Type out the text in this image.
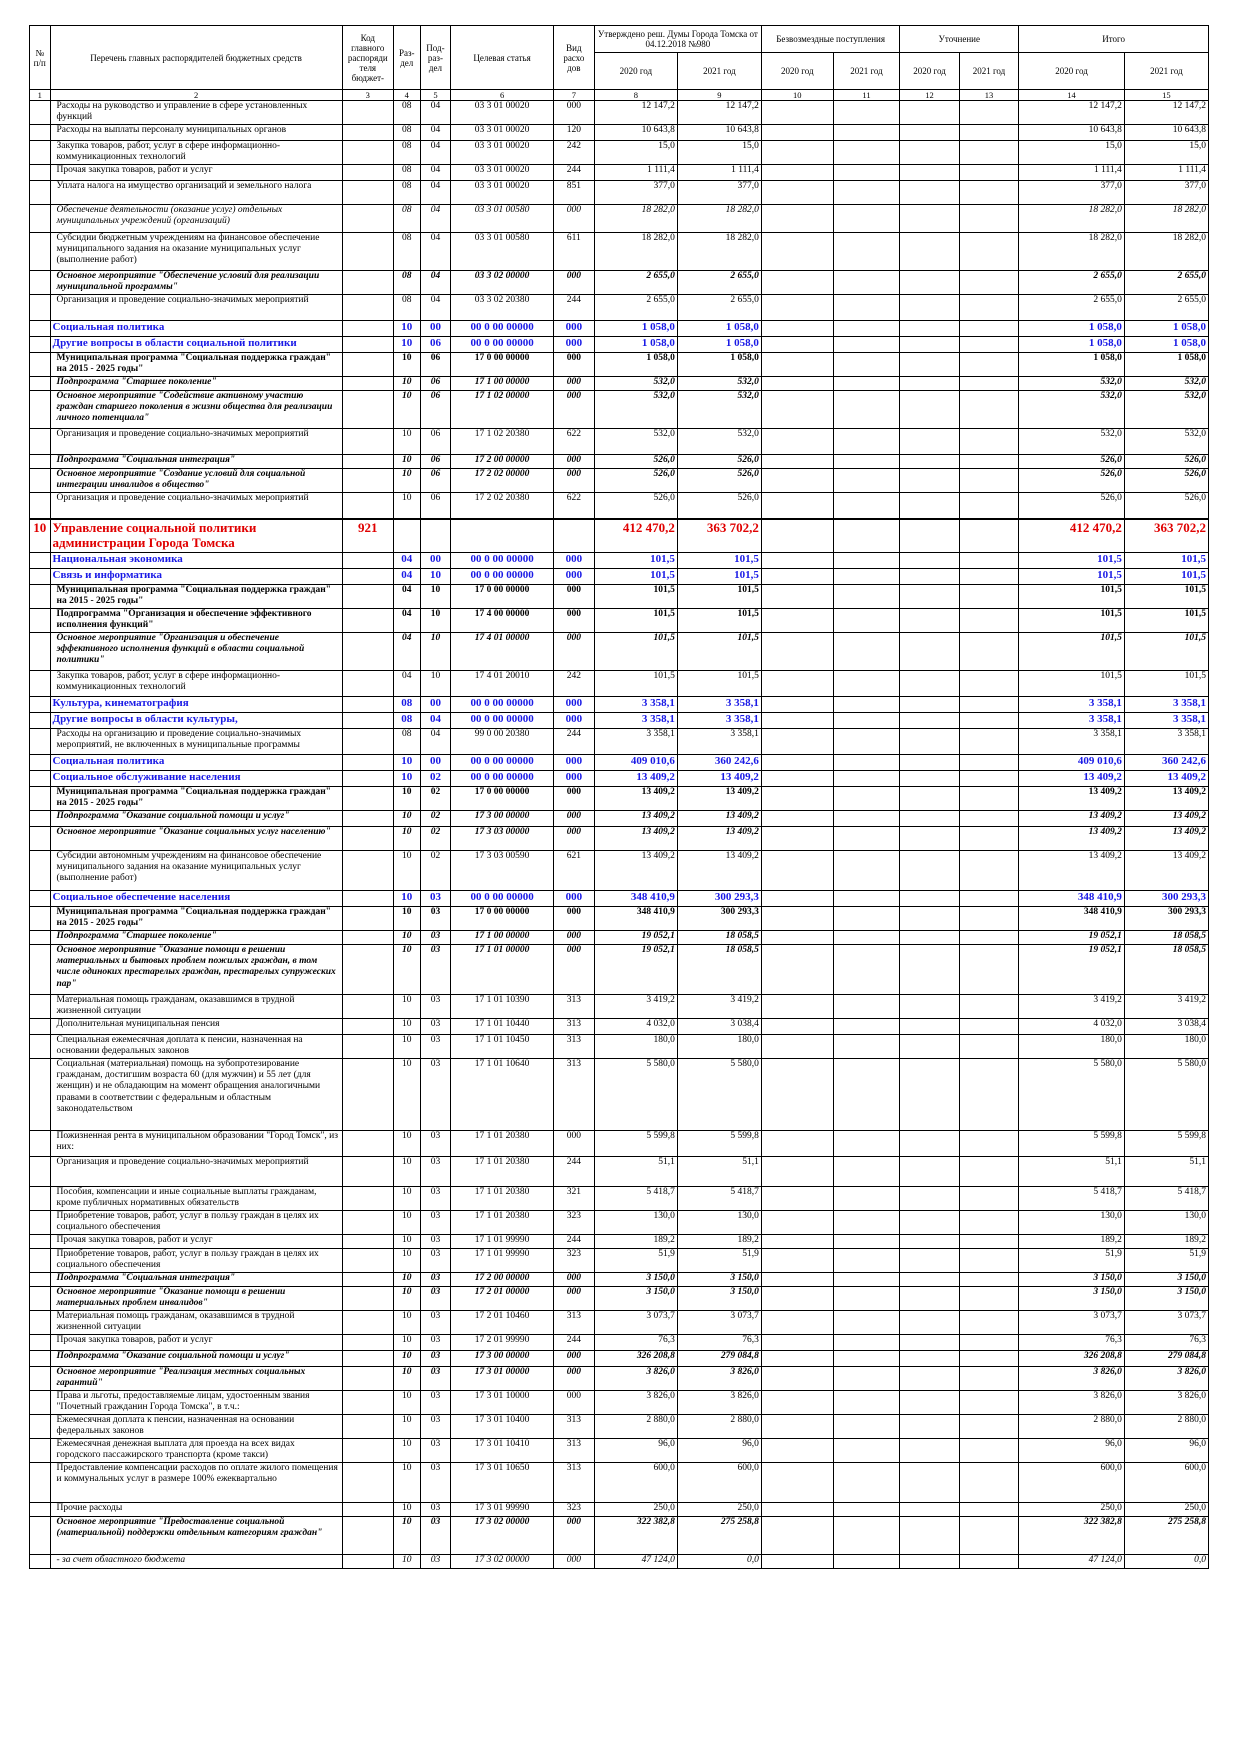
№ п/п	Перечень главных распорядителей бюджетных средств	Код главного распоряди теля бюджет-	Раз- дел	Под- раз- дел	Целевая статья	Вид расхо дов	Утверждено реш. Думы Города Томска от 04.12.2018 №980		Безвозмездные поступления		Уточнение		Итого	
							2020 год	2021 год	2020 год	2021 год	2020 год	2021 год	2020 год	2021 год
1	2	3	4	5	6	7	8	9	10	11	12	13	14	15
	Расходы на руководство и управление в сфере установленных функций		08	04	03 3 01 00020	000	12 147,2	12 147,2					12 147,2	12 147,2
	Расходы на выплаты персоналу муниципальных органов		08	04	03 3 01 00020	120	10 643,8	10 643,8					10 643,8	10 643,8
	Закупка товаров, работ, услуг в сфере информационно-коммуникационных технологий		08	04	03 3 01 00020	242	15,0	15,0					15,0	15,0
	Прочая закупка товаров, работ и услуг		08	04	03 3 01 00020	244	1 111,4	1 111,4					1 111,4	1 111,4
	Уплата налога на имущество организаций и земельного налога		08	04	03 3 01 00020	851	377,0	377,0					377,0	377,0
	Обеспечение деятельности (оказание услуг) отдельных муниципальных учреждений (организаций)		08	04	03 3 01 00580	000	18 282,0	18 282,0					18 282,0	18 282,0
	Субсидии бюджетным учреждениям на финансовое обеспечение муниципального задания на оказание муниципальных услуг (выполнение работ)		08	04	03 3 01 00580	611	18 282,0	18 282,0					18 282,0	18 282,0
	Основное мероприятие "Обеспечение условий для реализации муниципальной программы"		08	04	03 3 02 00000	000	2 655,0	2 655,0					2 655,0	2 655,0
	Организация и проведение социально-значимых мероприятий		08	04	03 3 02 20380	244	2 655,0	2 655,0					2 655,0	2 655,0
	Социальная политика		10	00	00 0 00 00000	000	1 058,0	1 058,0					1 058,0	1 058,0
	Другие вопросы в области социальной политики		10	06	00 0 00 00000	000	1 058,0	1 058,0					1 058,0	1 058,0
	Муниципальная программа "Социальная поддержка граждан" на 2015 - 2025 годы"		10	06	17 0 00 00000	000	1 058,0	1 058,0					1 058,0	1 058,0
	Подпрограмма "Старшее поколение"		10	06	17 1 00 00000	000	532,0	532,0					532,0	532,0
	Основное мероприятие "Содействие активному участию граждан старшего поколения в жизни общества для реализации личного потенциала"		10	06	17 1 02 00000	000	532,0	532,0					532,0	532,0
	Организация и проведение социально-значимых мероприятий		10	06	17 1 02 20380	622	532,0	532,0					532,0	532,0
	Подпрограмма "Социальная интеграция"		10	06	17 2 00 00000	000	526,0	526,0					526,0	526,0
	Основное мероприятие "Создание условий для социальной интеграции инвалидов в общество"		10	06	17 2 02 00000	000	526,0	526,0					526,0	526,0
	Организация и проведение социально-значимых мероприятий		10	06	17 2 02 20380	622	526,0	526,0					526,0	526,0
10	Управление социальной политики администрации Города Томска	921					412 470,2	363 702,2					412 470,2	363 702,2
	Национальная экономика		04	00	00 0 00 00000	000	101,5	101,5					101,5	101,5
	Связь и информатика		04	10	00 0 00 00000	000	101,5	101,5					101,5	101,5
	Муниципальная программа "Социальная поддержка граждан" на 2015 - 2025 годы"		04	10	17 0 00 00000	000	101,5	101,5					101,5	101,5
	Подпрограмма "Организация и обеспечение эффективного исполнения функций"		04	10	17 4 00 00000	000	101,5	101,5					101,5	101,5
	Основное мероприятие "Организация и обеспечение эффективного исполнения функций в области социальной политики"		04	10	17 4 01 00000	000	101,5	101,5					101,5	101,5
	Закупка товаров, работ, услуг в сфере информационно-коммуникационных технологий		04	10	17 4 01 20010	242	101,5	101,5					101,5	101,5
	Культура, кинематография		08	00	00 0 00 00000	000	3 358,1	3 358,1					3 358,1	3 358,1
	Другие вопросы в области культуры,		08	04	00 0 00 00000	000	3 358,1	3 358,1					3 358,1	3 358,1
	Расходы на организацию и проведение социально-значимых мероприятий, не включенных в муниципальные программы		08	04	99 0 00 20380	244	3 358,1	3 358,1					3 358,1	3 358,1
	Социальная политика		10	00	00 0 00 00000	000	409 010,6	360 242,6					409 010,6	360 242,6
	Социальное обслуживание населения		10	02	00 0 00 00000	000	13 409,2	13 409,2					13 409,2	13 409,2
	Муниципальная программа "Социальная поддержка граждан" на 2015 - 2025 годы"		10	02	17 0 00 00000	000	13 409,2	13 409,2					13 409,2	13 409,2
	Подпрограмма "Оказание социальной помощи и услуг"		10	02	17 3 00 00000	000	13 409,2	13 409,2					13 409,2	13 409,2
	Основное мероприятие "Оказание социальных услуг населению"		10	02	17 3 03 00000	000	13 409,2	13 409,2					13 409,2	13 409,2
	Субсидии автономным учреждениям на финансовое обеспечение муниципального задания на оказание муниципальных услуг (выполнение работ)		10	02	17 3 03 00590	621	13 409,2	13 409,2					13 409,2	13 409,2
	Социальное обеспечение населения		10	03	00 0 00 00000	000	348 410,9	300 293,3					348 410,9	300 293,3
	Муниципальная программа "Социальная поддержка граждан" на 2015 - 2025 годы"		10	03	17 0 00 00000	000	348 410,9	300 293,3					348 410,9	300 293,3
	Подпрограмма "Старшее поколение"		10	03	17 1 00 00000	000	19 052,1	18 058,5					19 052,1	18 058,5
	Основное мероприятие "Оказание помощи в решении материальных и бытовых проблем пожилых граждан, в том числе одиноких престарелых граждан, престарелых супружеских пар"		10	03	17 1 01 00000	000	19 052,1	18 058,5					19 052,1	18 058,5
	Материальная помощь гражданам, оказавшимся в трудной жизненной ситуации		10	03	17 1 01 10390	313	3 419,2	3 419,2					3 419,2	3 419,2
	Дополнительная муниципальная пенсия		10	03	17 1 01 10440	313	4 032,0	3 038,4					4 032,0	3 038,4
	Специальная ежемесячная доплата к пенсии, назначенная на основании федеральных законов		10	03	17 1 01 10450	313	180,0	180,0					180,0	180,0
	Социальная (материальная) помощь на зубопротезирование гражданам, достигшим возраста 60 (для мужчин) и 55 лет (для женщин) и не обладающим на момент обращения аналогичными правами в соответствии с федеральным и областным законодательством		10	03	17 1 01 10640	313	5 580,0	5 580,0					5 580,0	5 580,0
	Пожизненная рента в муниципальном образовании "Город Томск", из них:		10	03	17 1 01 20380	000	5 599,8	5 599,8					5 599,8	5 599,8
	Организация и проведение социально-значимых мероприятий		10	03	17 1 01 20380	244	51,1	51,1					51,1	51,1
	Пособия, компенсации и иные социальные выплаты гражданам, кроме публичных нормативных обязательств		10	03	17 1 01 20380	321	5 418,7	5 418,7					5 418,7	5 418,7
	Приобретение товаров, работ, услуг в пользу граждан в целях их социального обеспечения		10	03	17 1 01 20380	323	130,0	130,0					130,0	130,0
	Прочая закупка товаров, работ и услуг		10	03	17 1 01 99990	244	189,2	189,2					189,2	189,2
	Приобретение товаров, работ, услуг в пользу граждан в целях их социального обеспечения		10	03	17 1 01 99990	323	51,9	51,9					51,9	51,9
	Подпрограмма "Социальная интеграция"		10	03	17 2 00 00000	000	3 150,0	3 150,0					3 150,0	3 150,0
	Основное мероприятие "Оказание помощи в решении материальных проблем инвалидов"		10	03	17 2 01 00000	000	3 150,0	3 150,0					3 150,0	3 150,0
	Материальная помощь гражданам, оказавшимся в трудной жизненной ситуации		10	03	17 2 01 10460	313	3 073,7	3 073,7					3 073,7	3 073,7
	Прочая закупка товаров, работ и услуг		10	03	17 2 01 99990	244	76,3	76,3					76,3	76,3
	Подпрограмма "Оказание социальной помощи и услуг"		10	03	17 3 00 00000	000	326 208,8	279 084,8					326 208,8	279 084,8
	Основное мероприятие "Реализация местных социальных гарантий"		10	03	17 3 01 00000	000	3 826,0	3 826,0					3 826,0	3 826,0
	Права и льготы, предоставляемые лицам, удостоенным звания "Почетный гражданин Города Томска", в т.ч.:		10	03	17 3 01 10000	000	3 826,0	3 826,0					3 826,0	3 826,0
	Ежемесячная доплата к пенсии, назначенная на основании федеральных законов		10	03	17 3 01 10400	313	2 880,0	2 880,0					2 880,0	2 880,0
	Ежемесячная денежная выплата для проезда на всех видах городского пассажирского транспорта (кроме такси)		10	03	17 3 01 10410	313	96,0	96,0					96,0	96,0
	Предоставление компенсации расходов по оплате жилого помещения и коммунальных услуг в размере 100% ежеквартально		10	03	17 3 01 10650	313	600,0	600,0					600,0	600,0
	Прочие расходы		10	03	17 3 01 99990	323	250,0	250,0					250,0	250,0
	Основное мероприятие "Предоставление социальной (материальной) поддержки отдельным категориям граждан"		10	03	17 3 02 00000	000	322 382,8	275 258,8					322 382,8	275 258,8
	- за счет областного бюджета		10	03	17 3 02 00000	000	47 124,0	0,0					47 124,0	0,0
